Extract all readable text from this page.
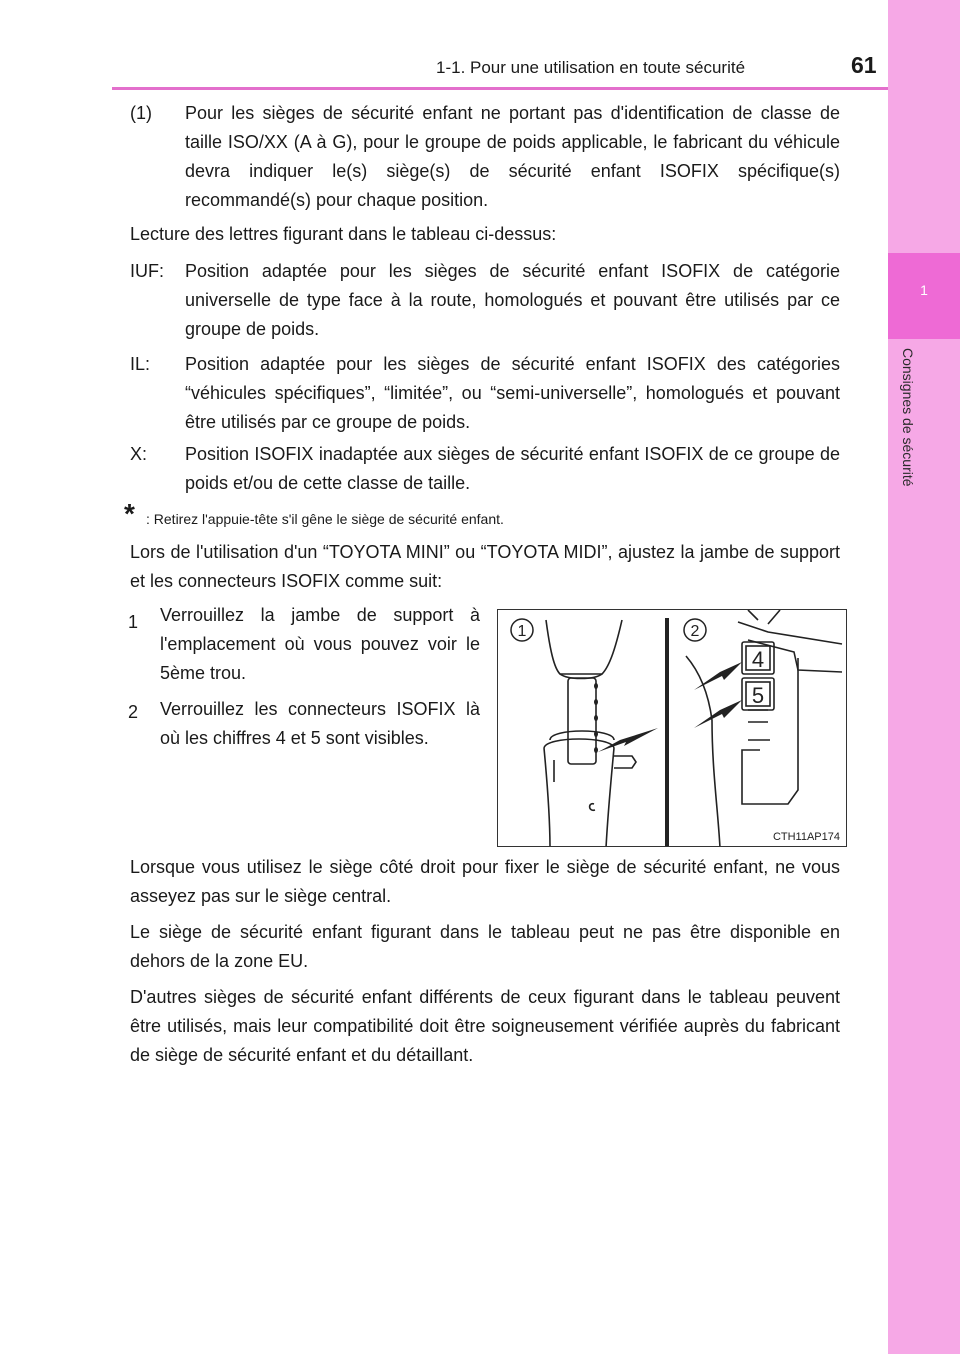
1-1. Pour une utilisation en toute sécurité	61
1
Consignes de sécurité
(1) Pour les sièges de sécurité enfant ne portant pas d'identification de classe de taille ISO/XX (A à G), pour le groupe de poids applicable, le fabricant du véhicule devra indiquer le(s) siège(s) de sécurité enfant ISOFIX spécifique(s) recommandé(s) pour chaque position.
Lecture des lettres figurant dans le tableau ci-dessus:
IUF: Position adaptée pour les sièges de sécurité enfant ISOFIX de catégorie universelle de type face à la route, homologués et pouvant être utilisés par ce groupe de poids.
IL: Position adaptée pour les sièges de sécurité enfant ISOFIX des catégories “véhicules spécifiques”, “limitée”, ou “semi-universelle”, homologués et pouvant être utilisés par ce groupe de poids.
X: Position ISOFIX inadaptée aux sièges de sécurité enfant ISOFIX de ce groupe de poids et/ou de cette classe de taille.
* : Retirez l'appuie-tête s'il gêne le siège de sécurité enfant.
Lors de l'utilisation d'un “TOYOTA MINI” ou “TOYOTA MIDI”, ajustez la jambe de support et les connecteurs ISOFIX comme suit:
1 Verrouillez la jambe de support à l'emplacement où vous pouvez voir le 5ème trou.
2 Verrouillez les connecteurs ISOFIX là où les chiffres 4 et 5 sont visibles.
1	2
4
5
CTH11AP174
Lorsque vous utilisez le siège côté droit pour fixer le siège de sécurité enfant, ne vous asseyez pas sur le siège central.
Le siège de sécurité enfant figurant dans le tableau peut ne pas être disponible en dehors de la zone EU.
D'autres sièges de sécurité enfant différents de ceux figurant dans le tableau peuvent être utilisés, mais leur compatibilité doit être soigneusement vérifiée auprès du fabricant de siège de sécurité enfant et du détaillant.
